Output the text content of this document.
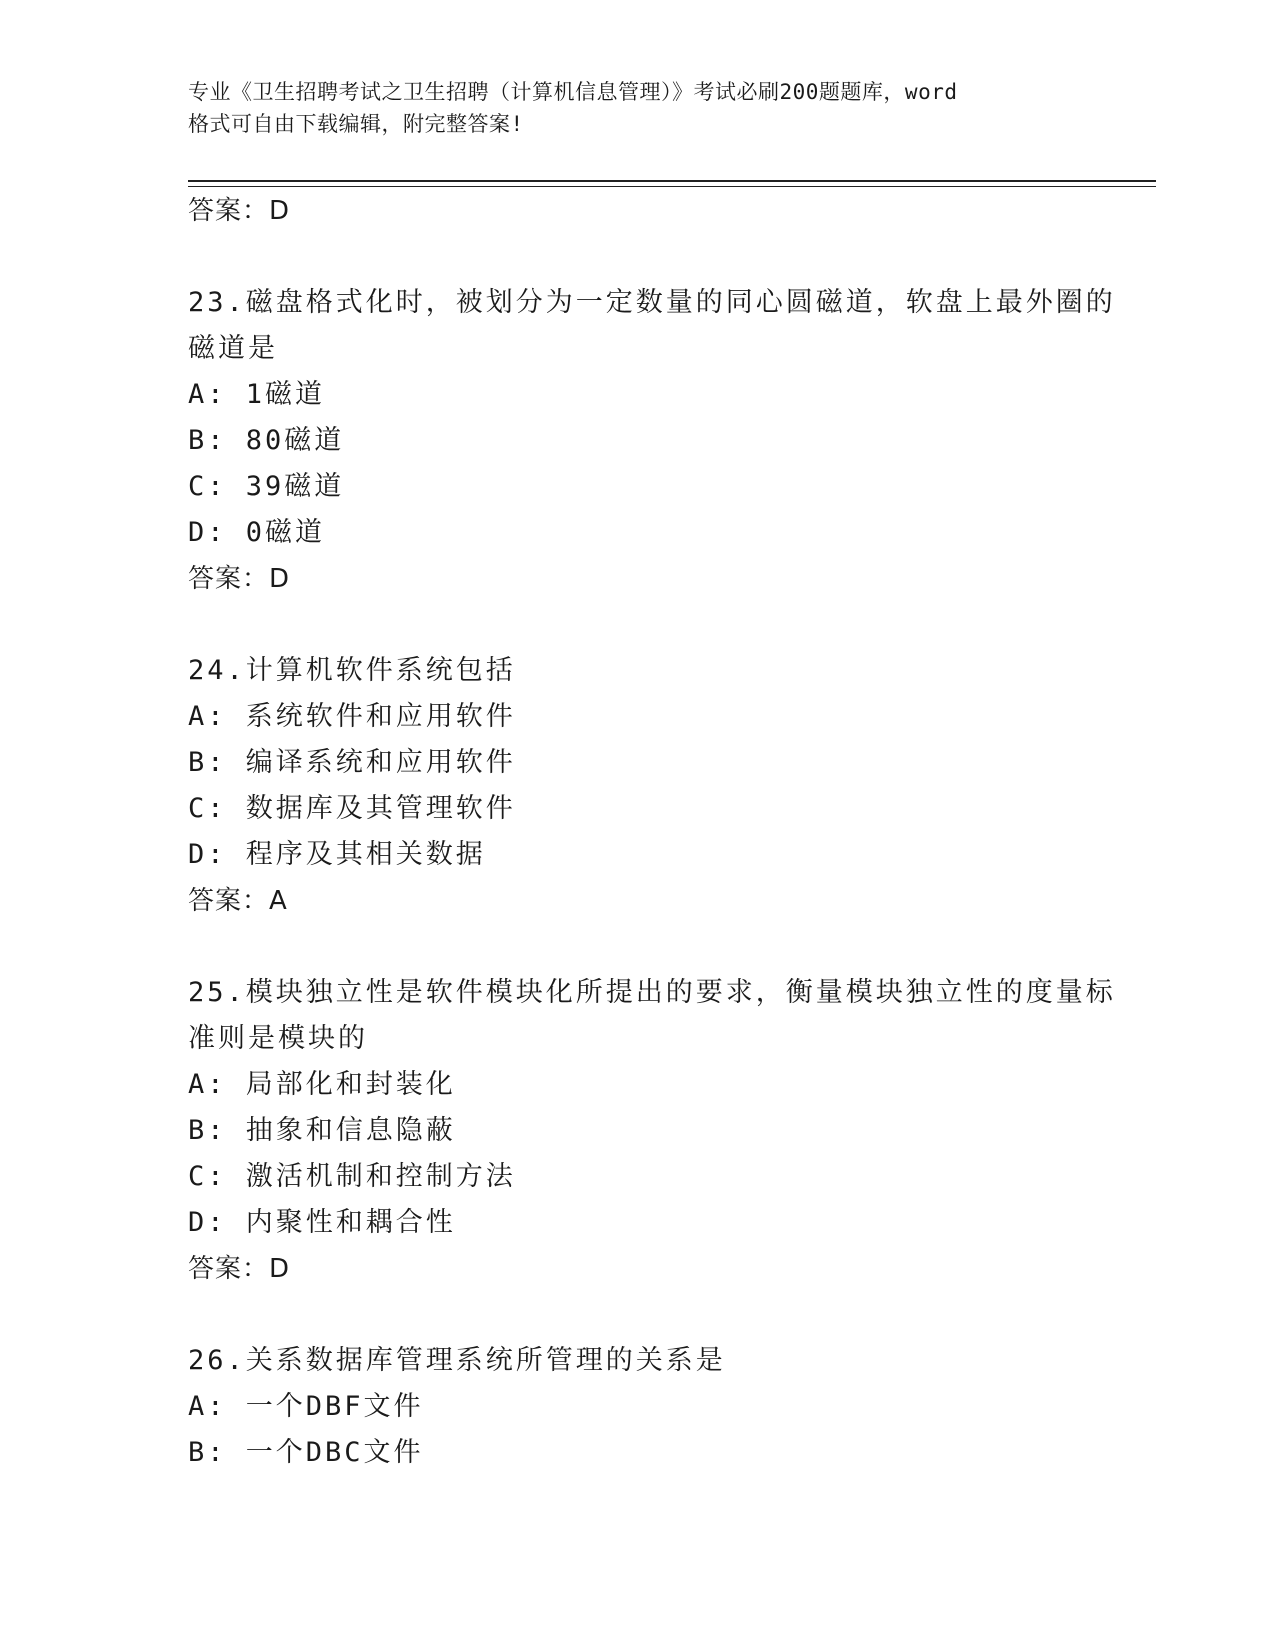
专业《卫生招聘考试之卫生招聘（计算机信息管理）》考试必刷200题题库，word
格式可自由下载编辑，附完整答案!
答案：D
23.磁盘格式化时，被划分为一定数量的同心圆磁道，软盘上最外圈的
磁道是
A: 1磁道
B: 80磁道
C: 39磁道
D: 0磁道
答案：D
24.计算机软件系统包括
A: 系统软件和应用软件
B: 编译系统和应用软件
C: 数据库及其管理软件
D: 程序及其相关数据
答案：A
25.模块独立性是软件模块化所提出的要求，衡量模块独立性的度量标
准则是模块的
A: 局部化和封装化
B: 抽象和信息隐蔽
C: 激活机制和控制方法
D: 内聚性和耦合性
答案：D
26.关系数据库管理系统所管理的关系是
A: 一个DBF文件
B: 一个DBC文件
